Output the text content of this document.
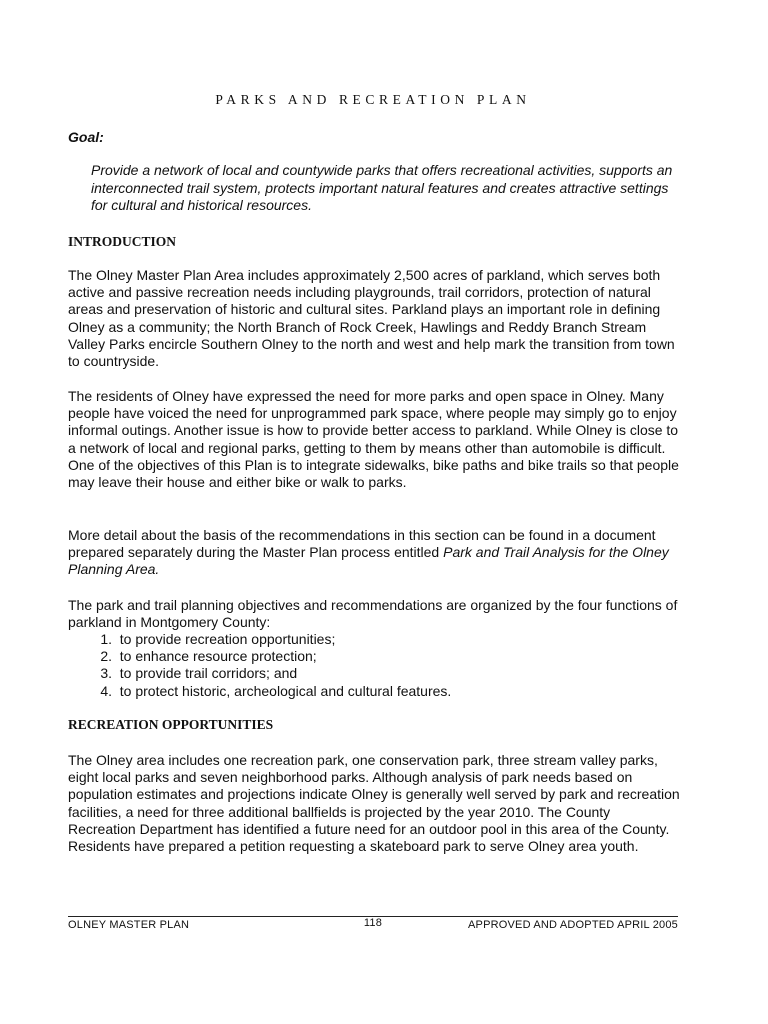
PARKS AND RECREATION PLAN
Goal:

Provide a network of local and countywide parks that offers recreational activities, supports an interconnected trail system, protects important natural features and creates attractive settings for cultural and historical resources.

INTRODUCTION

The Olney Master Plan Area includes approximately 2,500 acres of parkland, which serves both active and passive recreation needs including playgrounds, trail corridors, protection of natural areas and preservation of historic and cultural sites. Parkland plays an important role in defining Olney as a community; the North Branch of Rock Creek, Hawlings and Reddy Branch Stream Valley Parks encircle Southern Olney to the north and west and help mark the transition from town to countryside.

The residents of Olney have expressed the need for more parks and open space in Olney. Many people have voiced the need for unprogrammed park space, where people may simply go to enjoy informal outings. Another issue is how to provide better access to parkland. While Olney is close to a network of local and regional parks, getting to them by means other than automobile is difficult. One of the objectives of this Plan is to integrate sidewalks, bike paths and bike trails so that people may leave their house and either bike or walk to parks.

More detail about the basis of the recommendations in this section can be found in a document prepared separately during the Master Plan process entitled Park and Trail Analysis for the Olney Planning Area.

The park and trail planning objectives and recommendations are organized by the four functions of parkland in Montgomery County:

1.
to provide recreation opportunities;
2.
to enhance resource protection;
3.
to provide trail corridors; and
4.
to protect historic, archeological and cultural features.
RECREATION OPPORTUNITIES

The Olney area includes one recreation park, one conservation park, three stream valley parks, eight local parks and seven neighborhood parks. Although analysis of park needs based on population estimates and projections indicate Olney is generally well served by park and recreation facilities, a need for three additional ballfields is projected by the year 2010. The County Recreation Department has identified a future need for an outdoor pool in this area of the County. Residents have prepared a petition requesting a skateboard park to serve Olney area youth.

OLNEY MASTER PLAN	118	APPROVED AND ADOPTED APRIL 2005
